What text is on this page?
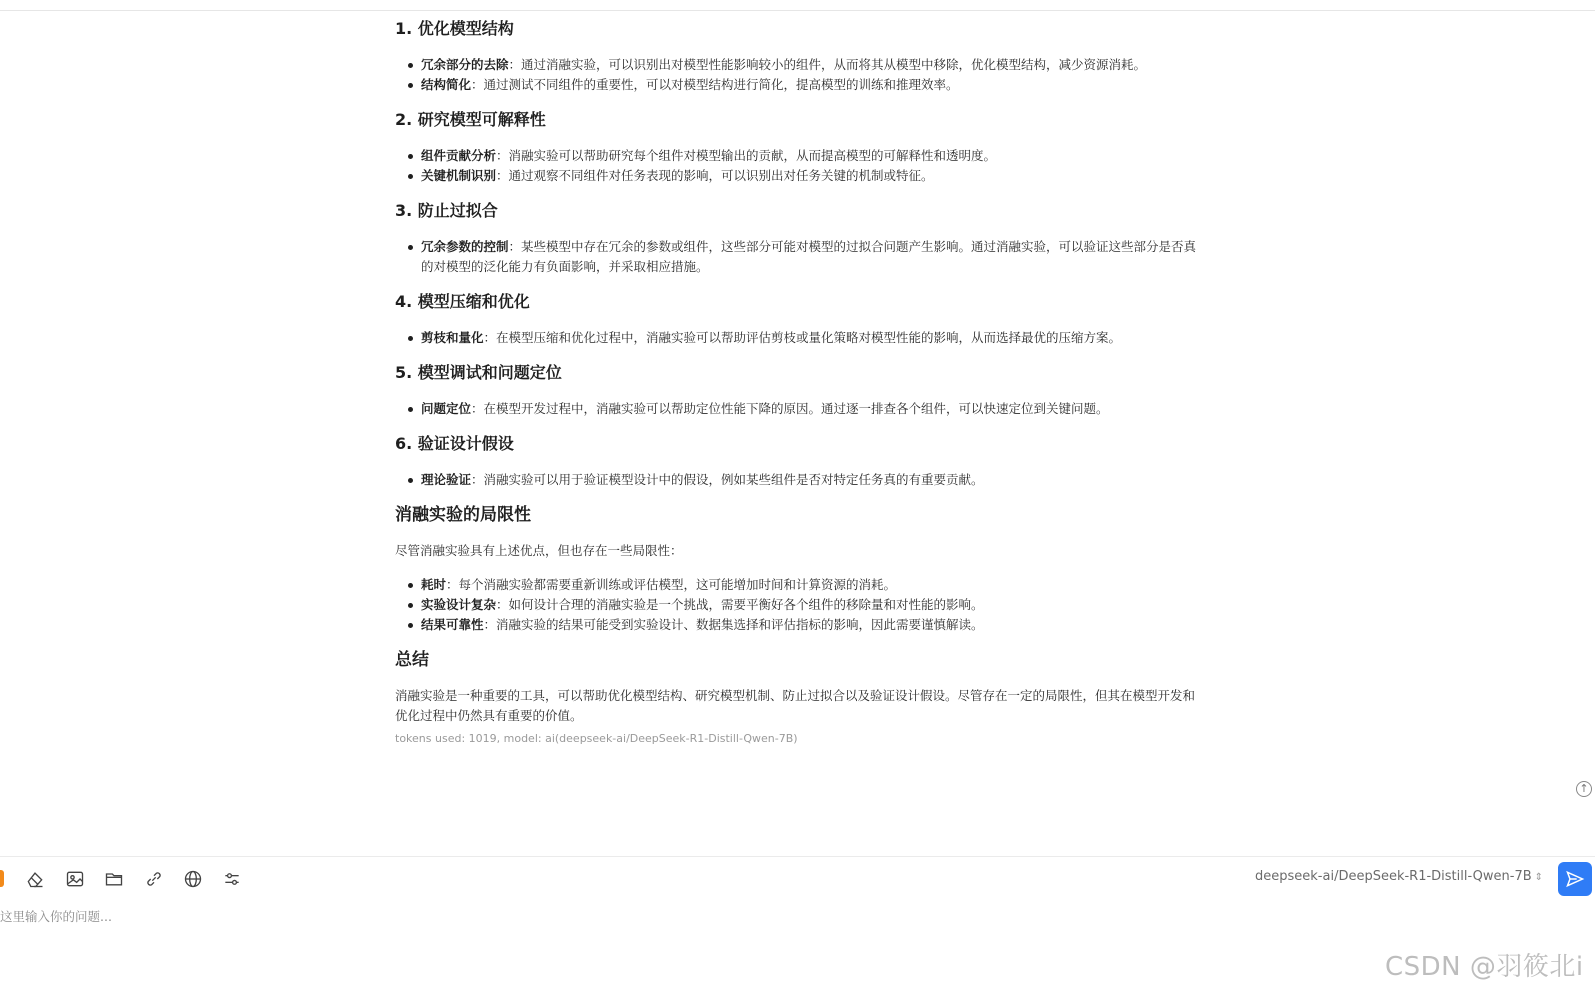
1. 优化模型结构
冗余部分的去除：通过消融实验，可以识别出对模型性能影响较小的组件，从而将其从模型中移除，优化模型结构，减少资源消耗。
结构简化：通过测试不同组件的重要性，可以对模型结构进行简化，提高模型的训练和推理效率。
2. 研究模型可解释性
组件贡献分析：消融实验可以帮助研究每个组件对模型输出的贡献，从而提高模型的可解释性和透明度。
关键机制识别：通过观察不同组件对任务表现的影响，可以识别出对任务关键的机制或特征。
3. 防止过拟合
冗余参数的控制：某些模型中存在冗余的参数或组件，这些部分可能对模型的过拟合问题产生影响。通过消融实验，可以验证这些部分是否真的对模型的泛化能力有负面影响，并采取相应措施。
4. 模型压缩和优化
剪枝和量化：在模型压缩和优化过程中，消融实验可以帮助评估剪枝或量化策略对模型性能的影响，从而选择最优的压缩方案。
5. 模型调试和问题定位
问题定位：在模型开发过程中，消融实验可以帮助定位性能下降的原因。通过逐一排查各个组件，可以快速定位到关键问题。
6. 验证设计假设
理论验证：消融实验可以用于验证模型设计中的假设，例如某些组件是否对特定任务真的有重要贡献。
消融实验的局限性

尽管消融实验具有上述优点，但也存在一些局限性：

耗时：每个消融实验都需要重新训练或评估模型，这可能增加时间和计算资源的消耗。
实验设计复杂：如何设计合理的消融实验是一个挑战，需要平衡好各个组件的移除量和对性能的影响。
结果可靠性：消融实验的结果可能受到实验设计、数据集选择和评估指标的影响，因此需要谨慎解读。
总结

消融实验是一种重要的工具，可以帮助优化模型结构、研究模型机制、防止过拟合以及验证设计假设。尽管存在一定的局限性，但其在模型开发和优化过程中仍然具有重要的价值。

tokens used: 1019, model: ai(deepseek-ai/DeepSeek-R1-Distill-Qwen-7B)
↑
deepseek-ai/DeepSeek-R1-Distill-Qwen-7B ⇕
这里输入你的问题...
CSDN @羽筱北i
